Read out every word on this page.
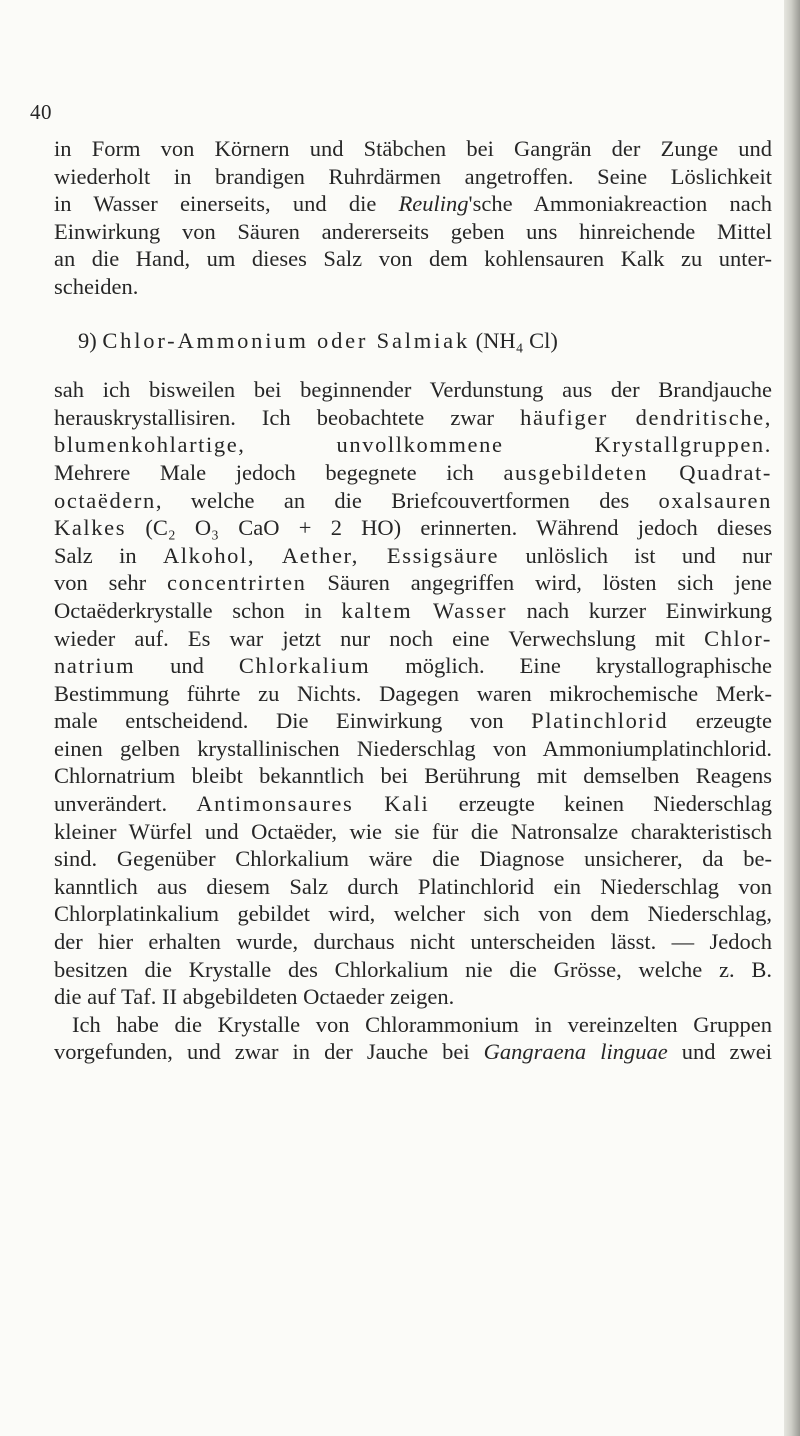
40
in Form von Körnern und Stäbchen bei Gangrän der Zunge und
wiederholt in brandigen Ruhrdärmen angetroffen. Seine Löslichkeit
in Wasser einerseits, und die Reuling'sche Ammoniakreaction nach
Einwirkung von Säuren andererseits geben uns hinreichende Mittel
an die Hand, um dieses Salz von dem kohlensauren Kalk zu unter-
scheiden.
9) Chlor-Ammonium oder Salmiak (NH₄ Cl)
sah ich bisweilen bei beginnender Verdunstung aus der Brandjauche
herauskrystallisiren. Ich beobachtete zwar häufiger dendritische,
blumenkohlartige, unvollkommene Krystallgruppen.
Mehrere Male jedoch begegnete ich ausgebildeten Quadrat-
octaëdern, welche an die Briefcouvertformen des oxalsauren
Kalkes (C₂ O₃ CaO + 2 HO) erinnerten. Während jedoch dieses
Salz in Alkohol, Aether, Essigsäure unlöslich ist und nur
von sehr concentrirten Säuren angegriffen wird, lösten sich jene
Octaëderkrystalle schon in kaltem Wasser nach kurzer Einwirkung
wieder auf. Es war jetzt nur noch eine Verwechslung mit Chlor-
natrium und Chlorkalium möglich. Eine krystallographische
Bestimmung führte zu Nichts. Dagegen waren mikrochemische Merk-
male entscheidend. Die Einwirkung von Platinchlorid erzeugte
einen gelben krystallinischen Niederschlag von Ammoniumplatinchlorid.
Chlornatrium bleibt bekanntlich bei Berührung mit demselben Reagens
unverändert. Antimonsaures Kali erzeugte keinen Niederschlag
kleiner Würfel und Octaëder, wie sie für die Natronsalze charakteristisch
sind. Gegenüber Chlorkalium wäre die Diagnose unsicherer, da be-
kanntlich aus diesem Salz durch Platinchlorid ein Niederschlag von
Chlorplatinkalium gebildet wird, welcher sich von dem Niederschlag,
der hier erhalten wurde, durchaus nicht unterscheiden lässt. — Jedoch
besitzen die Krystalle des Chlorkalium nie die Grösse, welche z. B.
die auf Taf. II abgebildeten Octaeder zeigen.
Ich habe die Krystalle von Chlorammonium in vereinzelten Gruppen
vorgefunden, und zwar in der Jauche bei Gangraena linguae und zwei
